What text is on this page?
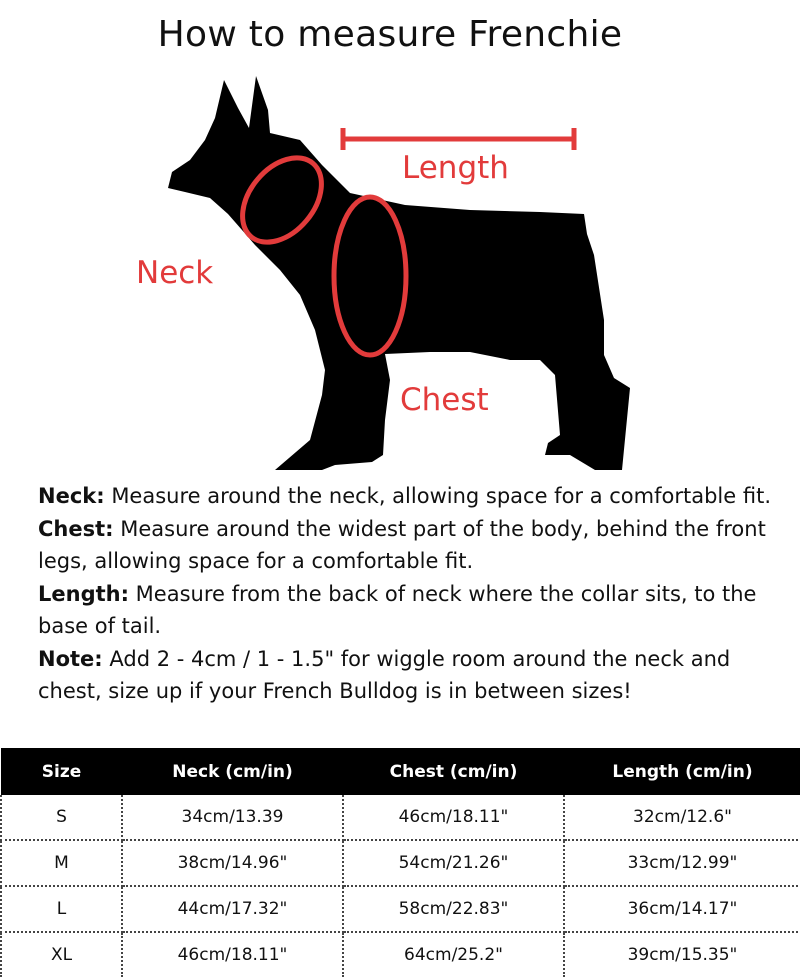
How to measure Frenchie
Length
Neck
Chest

Neck: Measure around the neck, allowing space for a comfortable fit.

Chest: Measure around the widest part of the body, behind the front legs, allowing space for a comfortable fit.

Length: Measure from the back of neck where the collar sits, to the base of tail.

Note: Add 2 - 4cm / 1 - 1.5" for wiggle room around the neck and chest, size up if your French Bulldog is in between sizes!

Size	Neck (cm/in)	Chest (cm/in)	Length (cm/in)
S	34cm/13.39	46cm/18.11"	32cm/12.6"
M	38cm/14.96"	54cm/21.26"	33cm/12.99"
L	44cm/17.32"	58cm/22.83"	36cm/14.17"
XL	46cm/18.11"	64cm/25.2"	39cm/15.35"
